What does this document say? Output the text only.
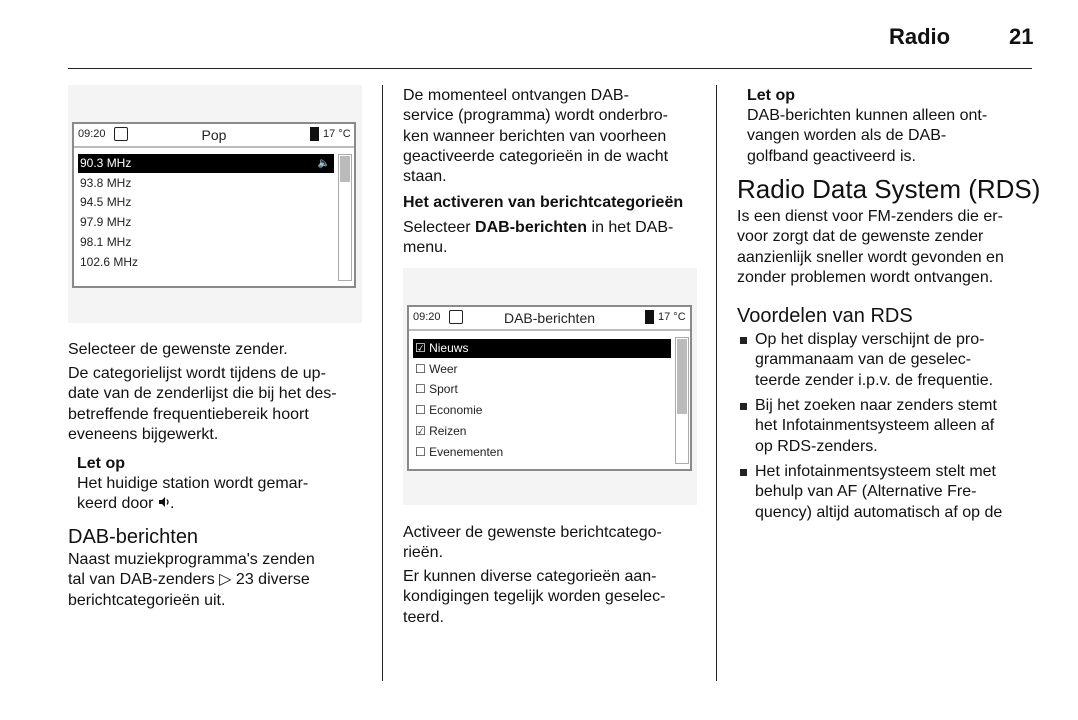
Radio	21
09:20	Pop	17 °C
90.3 MHz	🔈
93.8 MHz
94.5 MHz
97.9 MHz
98.1 MHz
102.6 MHz
Selecteer de gewenste zender.
De categorielijst wordt tijdens de up-
date van de zenderlijst die bij het des-
betreffende frequentiebereik hoort
eveneens bijgewerkt.
Let op
Het huidige station wordt gemar-
keerd door .
DAB-berichten
Naast muziekprogramma's zenden
tal van DAB-zenders ▷ 23 diverse
berichtcategorieën uit.
De momenteel ontvangen DAB-
service (programma) wordt onderbro-
ken wanneer berichten van voorheen
geactiveerde categorieën in de wacht
staan.
Het activeren van berichtcategorieën
Selecteer DAB-berichten in het DAB-
menu.
09:20	DAB-berichten	17 °C
☑ Nieuws
☐ Weer
☐ Sport
☐ Economie
☑ Reizen
☐ Evenementen
Activeer de gewenste berichtcatego-
rieën.
Er kunnen diverse categorieën aan-
kondigingen tegelijk worden geselec-
teerd.
Let op
DAB-berichten kunnen alleen ont-
vangen worden als de DAB-
golfband geactiveerd is.
Radio Data System (RDS)
Is een dienst voor FM-zenders die er-
voor zorgt dat de gewenste zender
aanzienlijk sneller wordt gevonden en
zonder problemen wordt ontvangen.
Voordelen van RDS
Op het display verschijnt de pro-
grammanaam van de geselec-
teerde zender i.p.v. de frequentie.
Bij het zoeken naar zenders stemt
het Infotainmentsysteem alleen af
op RDS-zenders.
Het infotainmentsysteem stelt met
behulp van AF (Alternative Fre-
quency) altijd automatisch af op de
